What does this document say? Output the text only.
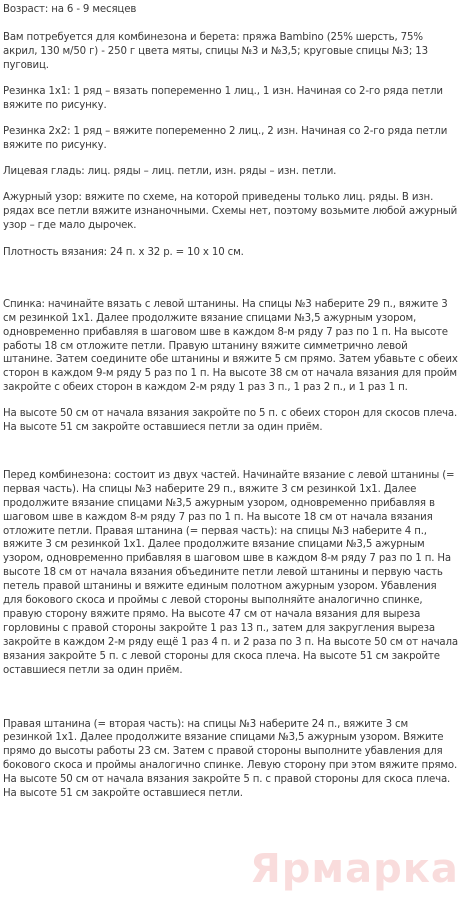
Возраст: на 6 - 9 месяцев

Вам потребуется для комбинезона и берета: пряжа Bambino (25% шерсть, 75% акрил, 130 м/50 г) - 250 г цвета мяты, спицы №3 и №3,5; круговые спицы №3; 13 пуговиц.

Резинка 1x1: 1 ряд – вязать попеременно 1 лиц., 1 изн. Начиная со 2-го ряда петли вяжите по рисунку.

Резинка 2x2: 1 ряд – вяжите попеременно 2 лиц., 2 изн. Начиная со 2-го ряда петли вяжите по рисунку.

Лицевая гладь: лиц. ряды – лиц. петли, изн. ряды – изн. петли.

Ажурный узор: вяжите по схеме, на которой приведены только лиц. ряды. В изн. рядах все петли вяжите изнаночными. Схемы нет, поэтому возьмите любой ажурный узор – где мало дырочек.

Плотность вязания: 24 п. х 32 р. = 10 х 10 см.

Спинка: начинайте вязать с левой штанины. На спицы №3 наберите 29 п., вяжите 3 см резинкой 1x1. Далее продолжите вязание спицами №3,5 ажурным узором, одновременно прибавляя в шаговом шве в каждом 8-м ряду 7 раз по 1 п. На высоте работы 18 см отложите петли. Правую штанину вяжите симметрично левой штанине. Затем соедините обе штанины и вяжите 5 см прямо. Затем убавьте с обеих сторон в каждом 9-м ряду 5 раз по 1 п. На высоте 38 см от начала вязания для пройм закройте с обеих сторон в каждом 2-м ряду 1 раз 3 п., 1 раз 2 п., и 1 раз 1 п.

На высоте 50 см от начала вязания закройте по 5 п. с обеих сторон для скосов плеча. На высоте 51 см закройте оставшиеся петли за один приём.

Перед комбинезона: состоит из двух частей. Начинайте вязание с левой штанины (= первая часть). На спицы №3 наберите 29 п., вяжите 3 см резинкой 1x1. Далее продолжите вязание спицами №3,5 ажурным узором, одновременно прибавляя в шаговом шве в каждом 8-м ряду 7 раз по 1 п. На высоте 18 см от начала вязания отложите петли. Правая штанина (= первая часть): на спицы №3 наберите 4 п., вяжите 3 см резинкой 1x1. Далее продолжите вязание спицами №3,5 ажурным узором, одновременно прибавляя в шаговом шве в каждом 8-м ряду 7 раз по 1 п. На высоте 18 см от начала вязания объедините петли левой штанины и первую часть петель правой штанины и вяжите единым полотном ажурным узором. Убавления для бокового скоса и проймы с левой стороны выполняйте аналогично спинке, правую сторону вяжите прямо. На высоте 47 см от начала вязания для выреза горловины с правой стороны закройте 1 раз 13 п., затем для закругления выреза закройте в каждом 2-м ряду ещё 1 раз 4 п. и 2 раза по 3 п. На высоте 50 см от начала вязания закройте 5 п. с левой стороны для скоса плеча. На высоте 51 см закройте оставшиеся петли за один приём.

Правая штанина (= вторая часть): на спицы №3 наберите 24 п., вяжите 3 см резинкой 1x1. Далее продолжите вязание спицами №3,5 ажурным узором. Вяжите прямо до высоты работы 23 см. Затем с правой стороны выполните убавления для бокового скоса и проймы аналогично спинке. Левую сторону при этом вяжите прямо. На высоте 50 см от начала вязания закройте 5 п. с правой стороны для скоса плеча. На высоте 51 см закройте оставшиеся петли.

Ярмарка
